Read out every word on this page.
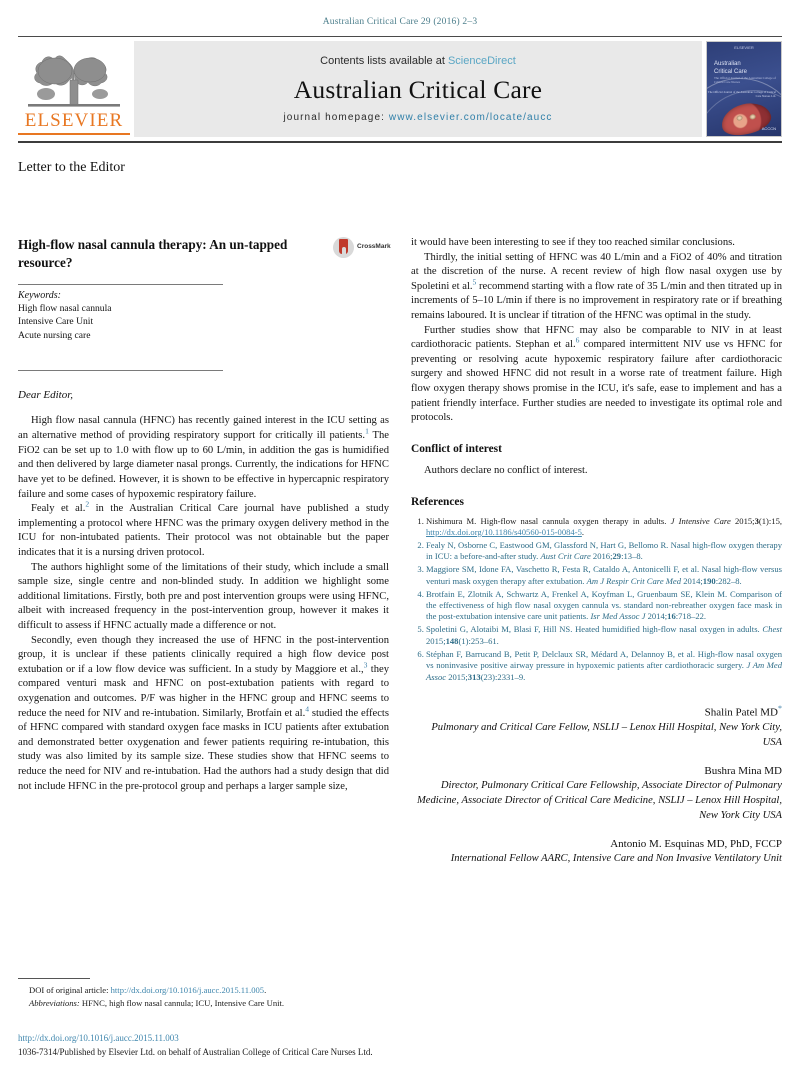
Australian Critical Care 29 (2016) 2–3
ELSEVIER
Contents lists available at ScienceDirect
Australian Critical Care
journal homepage: www.elsevier.com/locate/aucc
ELSEVIER
Australian
Critical Care
The Official Journal of the Australian College of Critical Care Nurses
The Official Journal of the Australian College of Critical Care Nurses Ltd.
ACCCN
Letter to the Editor
High-flow nasal cannula therapy: An un-tapped resource?
CrossMark
Keywords:
High flow nasal cannula
Intensive Care Unit
Acute nursing care
Dear Editor,

High flow nasal cannula (HFNC) has recently gained interest in the ICU setting as an alternative method of providing respiratory support for critically ill patients.$^1$ The FiO2 can be set up to 1.0 with flow up to 60 L/min, in addition the gas is humidified and then delivered by large diameter nasal prongs. Currently, the indications for HFNC have yet to be defined. However, it is shown to be effective in hypercapnic respiratory failure and some cases of hypoxemic respiratory failure.

Fealy et al.$^2$ in the Australian Critical Care journal have published a study implementing a protocol where HFNC was the primary oxygen delivery method in the ICU for non-intubated patients. Their protocol was not obtainable but the paper indicates that it is a nursing driven protocol.

The authors highlight some of the limitations of their study, which include a small sample size, single centre and non-blinded study. In addition we highlight some additional limitations. Firstly, both pre and post intervention groups were using HFNC, albeit with increased frequency in the post-intervention group, however it makes it difficult to assess if HFNC actually made a difference or not.

Secondly, even though they increased the use of HFNC in the post-intervention group, it is unclear if these patients clinically required a high flow device post extubation or if a low flow device was sufficient. In a study by Maggiore et al.,$^3$ they compared venturi mask and HFNC on post-extubation patients with regard to oxygenation and outcomes. P/F was higher in the HFNC group and HFNC seems to reduce the need for NIV and re-intubation. Similarly, Brotfain et al.$^4$ studied the effects of HFNC compared with standard oxygen face masks in ICU patients after extubation and demonstrated better oxygenation and fewer patients requiring re-intubation, this study was also limited by its sample size. These studies show that HFNC seems to reduce the need for NIV and re-intubation. Had the authors had a study design that did not include HFNC in the pre-protocol group and perhaps a larger sample size,

it would have been interesting to see if they too reached similar conclusions.

Thirdly, the initial setting of HFNC was 40 L/min and a FiO2 of 40% and titration at the discretion of the nurse. A recent review of high flow nasal oxygen use by Spoletini et al.$^5$ recommend starting with a flow rate of 35 L/min and then titrated up in increments of 5–10 L/min if there is no improvement in respiratory rate or if breathing remains laboured. It is unclear if titration of the HFNC was optimal in the study.

Further studies show that HFNC may also be comparable to NIV in at least cardiothoracic patients. Stephan et al.$^6$ compared intermittent NIV use vs HFNC for preventing or resolving acute hypoxemic respiratory failure after cardiothoracic surgery and showed HFNC did not result in a worse rate of treatment failure. High flow oxygen therapy shows promise in the ICU, it's safe, ease to implement and has a patient friendly interface. Further studies are needed to investigate its optimal role and protocols.

Conflict of interest

Authors declare no conflict of interest.

References
1. Nishimura M. High-flow nasal cannula oxygen therapy in adults. J Intensive Care 2015;3(1):15, http://dx.doi.org/10.1186/s40560-015-0084-5.
2. Fealy N, Osborne C, Eastwood GM, Glassford N, Hart G, Bellomo R. Nasal high-flow oxygen therapy in ICU: a before-and-after study. Aust Crit Care 2016;29:13–8.
3. Maggiore SM, Idone FA, Vaschetto R, Festa R, Cataldo A, Antonicelli F, et al. Nasal high-flow versus venturi mask oxygen therapy after extubation. Am J Respir Crit Care Med 2014;190:282–8.
4. Brotfain E, Zlotnik A, Schwartz A, Frenkel A, Koyfman L, Gruenbaum SE, Klein M. Comparison of the effectiveness of high flow nasal oxygen cannula vs. standard non-rebreather oxygen face mask in the post-extubation intensive care unit patients. Isr Med Assoc J 2014;16:718–22.
5. Spoletini G, Alotaibi M, Blasi F, Hill NS. Heated humidified high-flow nasal oxygen in adults. Chest 2015;148(1):253–61.
6. Stéphan F, Barrucand B, Petit P, Delclaux SR, Médard A, Delannoy B, et al. High-flow nasal oxygen vs noninvasive positive airway pressure in hypoxemic patients after cardiothoracic surgery. J Am Med Assoc 2015;313(23):2331–9.
Shalin Patel MD*
Pulmonary and Critical Care Fellow, NSLIJ – Lenox Hill Hospital, New York City, USA
Bushra Mina MD
Director, Pulmonary Critical Care Fellowship, Associate Director of Pulmonary Medicine, Associate Director of Critical Care Medicine, NSLIJ – Lenox Hill Hospital, New York City USA
Antonio M. Esquinas MD, PhD, FCCP
International Fellow AARC, Intensive Care and Non Invasive Ventilatory Unit
DOI of original article: http://dx.doi.org/10.1016/j.aucc.2015.11.005.
Abbreviations: HFNC, high flow nasal cannula; ICU, Intensive Care Unit.
http://dx.doi.org/10.1016/j.aucc.2015.11.003
1036-7314/Published by Elsevier Ltd. on behalf of Australian College of Critical Care Nurses Ltd.
